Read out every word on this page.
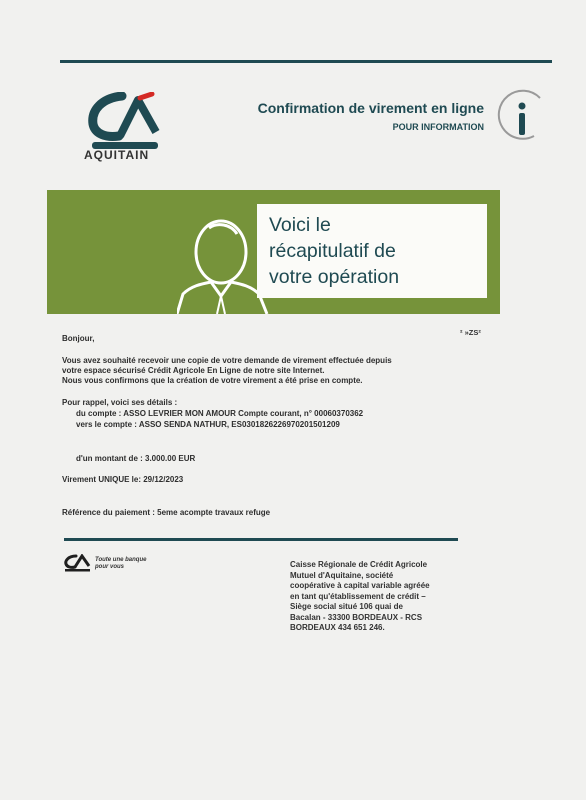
AQUITAIN
Confirmation de virement en ligne
POUR INFORMATION
Voici le
récapitulatif de
votre opération
² »ZS²
Bonjour,
Vous avez souhaité recevoir une copie de votre demande de virement effectuée depuis
votre espace sécurisé Crédit Agricole En Ligne de notre site Internet.
Nous vous confirmons que la création de votre virement a été prise en compte.
Pour rappel, voici ses détails :
du compte : ASSO LEVRIER MON AMOUR Compte courant, n° 00060370362
vers le compte : ASSO SENDA NATHUR, ES0301826226970201501209
d'un montant de : 3.000.00 EUR
Virement UNIQUE le: 29/12/2023
Référence du paiement : 5eme acompte travaux refuge
Toute une banque
pour vous	Caisse Régionale de Crédit Agricole
Mutuel d'Aquitaine, société
coopérative à capital variable agréée
en tant qu'établissement de crédit –
Siège social situé 106 quai de
Bacalan - 33300 BORDEAUX - RCS
BORDEAUX 434 651 246.
